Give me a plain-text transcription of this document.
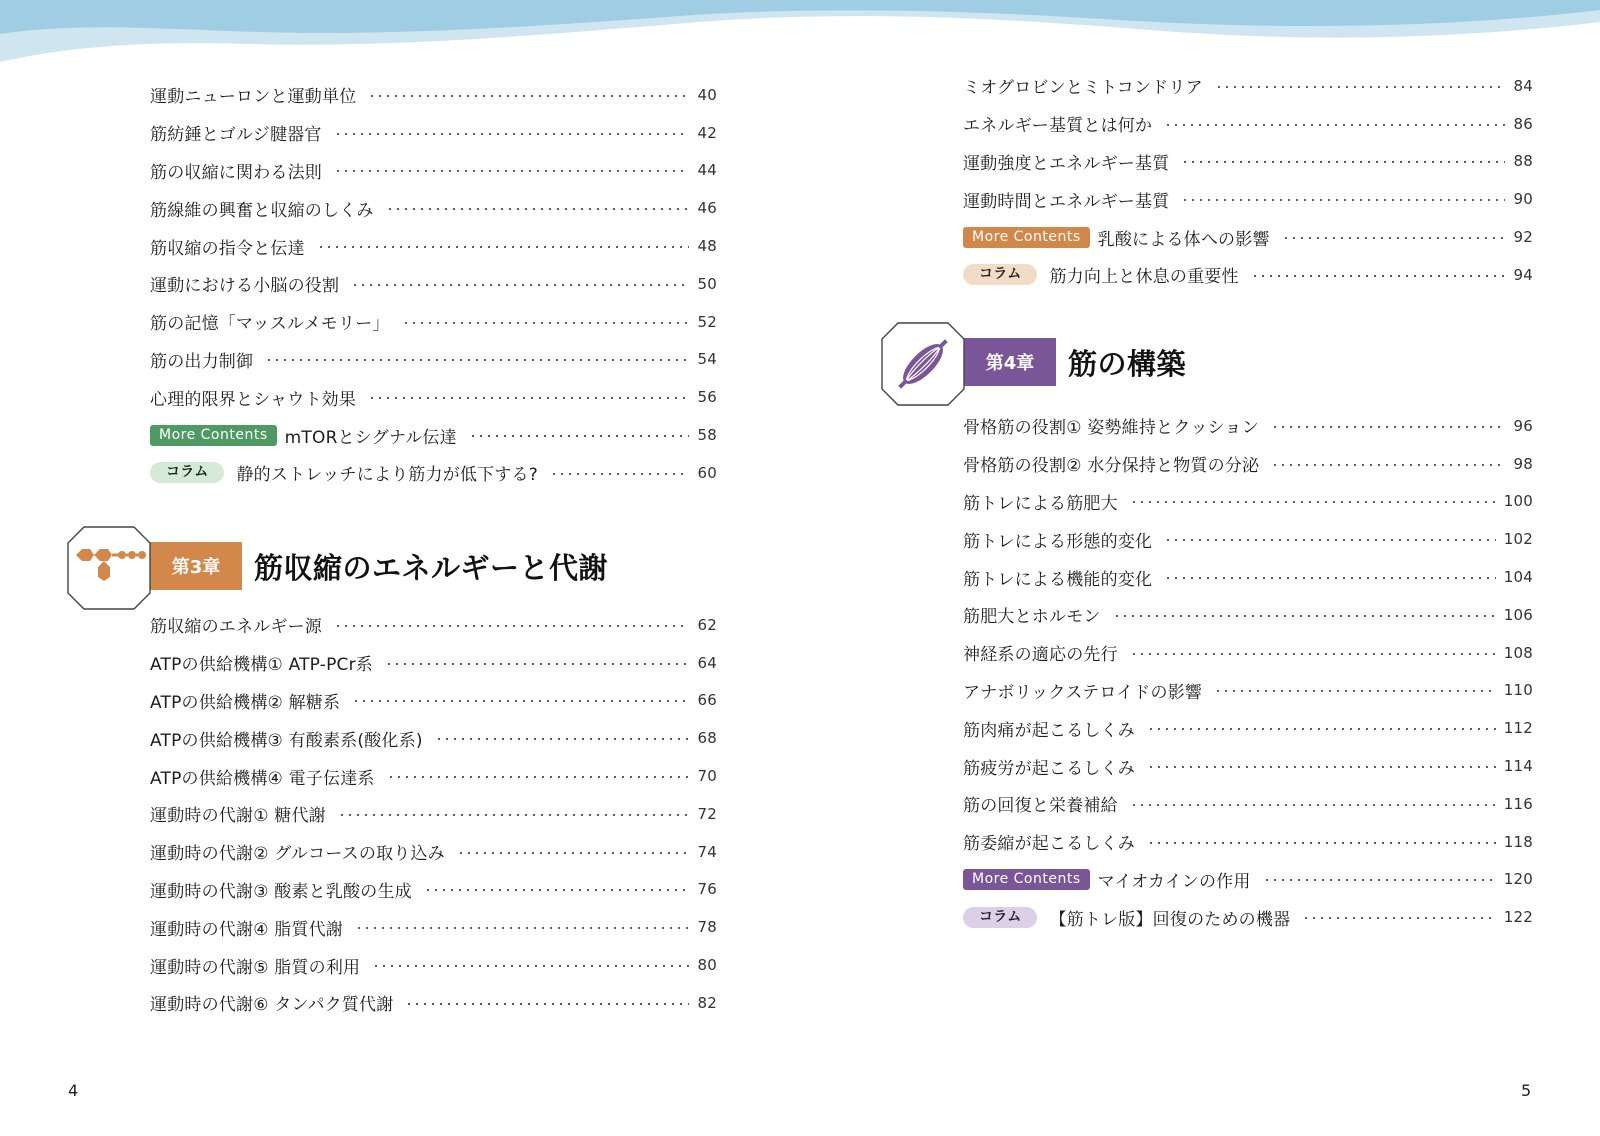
運動ニューロンと運動単位	40
筋紡錘とゴルジ腱器官	42
筋の収縮に関わる法則	44
筋線維の興奮と収縮のしくみ	46
筋収縮の指令と伝達	48
運動における小脳の役割	50
筋の記憶「マッスルメモリー」	52
筋の出力制御	54
心理的限界とシャウト効果	56
More Contents	mTORとシグナル伝達	58
コラム	静的ストレッチにより筋力が低下する?	60
第3章	筋収縮のエネルギーと代謝
筋収縮のエネルギー源	62
ATPの供給機構① ATP-PCr系	64
ATPの供給機構② 解糖系	66
ATPの供給機構③ 有酸素系(酸化系)	68
ATPの供給機構④ 電子伝達系	70
運動時の代謝① 糖代謝	72
運動時の代謝② グルコースの取り込み	74
運動時の代謝③ 酸素と乳酸の生成	76
運動時の代謝④ 脂質代謝	78
運動時の代謝⑤ 脂質の利用	80
運動時の代謝⑥ タンパク質代謝	82
4
ミオグロビンとミトコンドリア	84
エネルギー基質とは何か	86
運動強度とエネルギー基質	88
運動時間とエネルギー基質	90
More Contents	乳酸による体への影響	92
コラム	筋力向上と休息の重要性	94
第4章	筋の構築
骨格筋の役割① 姿勢維持とクッション	96
骨格筋の役割② 水分保持と物質の分泌	98
筋トレによる筋肥大	100
筋トレによる形態的変化	102
筋トレによる機能的変化	104
筋肥大とホルモン	106
神経系の適応の先行	108
アナボリックステロイドの影響	110
筋肉痛が起こるしくみ	112
筋疲労が起こるしくみ	114
筋の回復と栄養補給	116
筋委縮が起こるしくみ	118
More Contents	マイオカインの作用	120
コラム	【筋トレ版】回復のための機器	122
5
